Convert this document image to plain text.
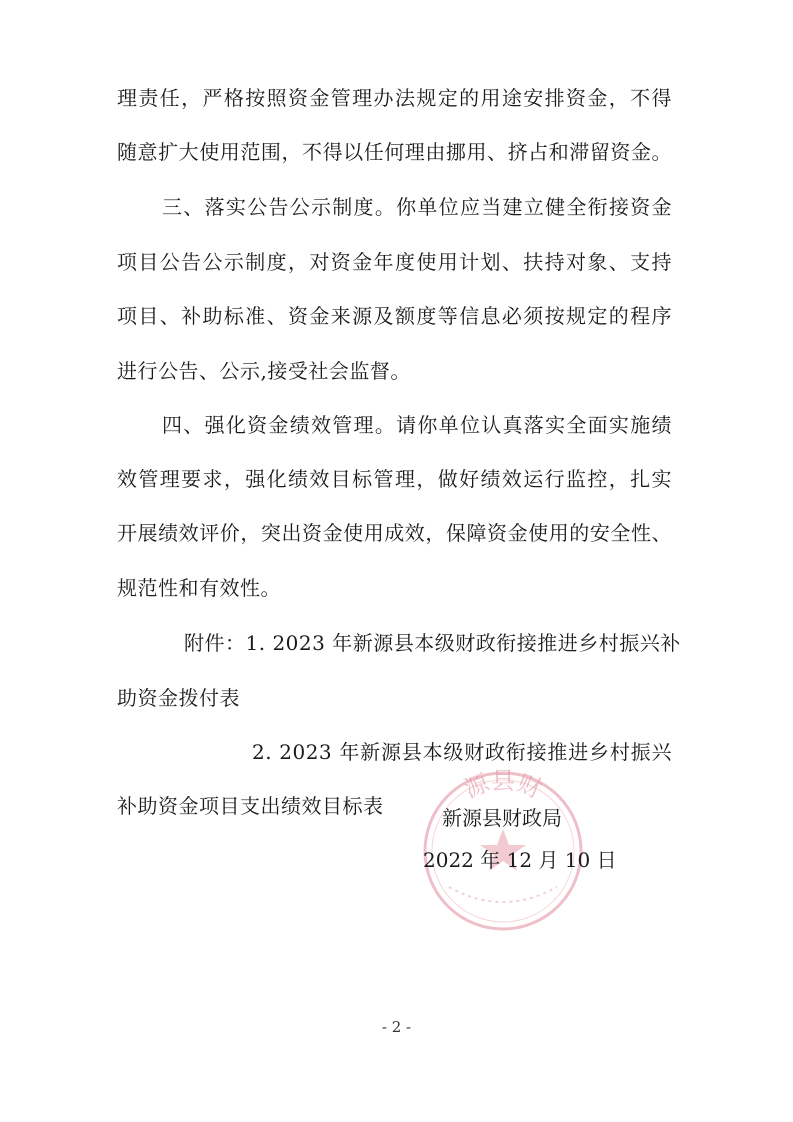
理责任，严格按照资金管理办法规定的用途安排资金，不得
随意扩大使用范围，不得以任何理由挪用、挤占和滞留资金。
三、落实公告公示制度。你单位应当建立健全衔接资金
项目公告公示制度，对资金年度使用计划、扶持对象、支持
项目、补助标准、资金来源及额度等信息必须按规定的程序
进行公告、公示,接受社会监督。
四、强化资金绩效管理。请你单位认真落实全面实施绩
效管理要求，强化绩效目标管理，做好绩效运行监控，扎实
开展绩效评价，突出资金使用成效，保障资金使用的安全性、
规范性和有效性。
附件：1. 2023 年新源县本级财政衔接推进乡村振兴补
助资金拨付表
2. 2023 年新源县本级财政衔接推进乡村振兴
补助资金项目支出绩效目标表
源县财
新源县财政局
2022 年 12 月 10 日
- 2 -
